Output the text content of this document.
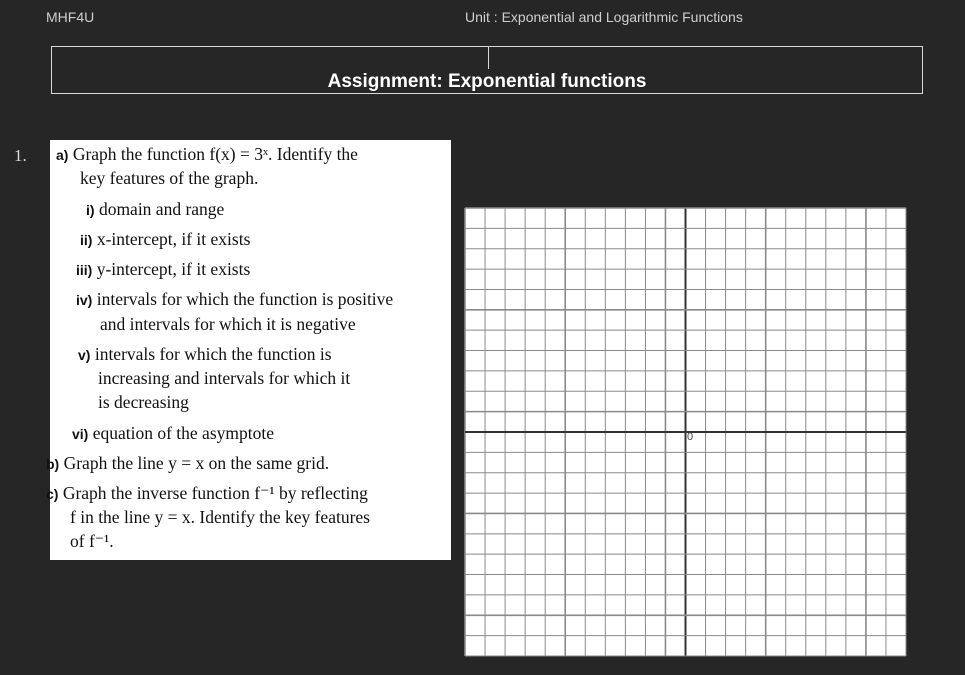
MHF4U	Unit : Exponential and Logarithmic Functions
Assignment: Exponential functions
1. a) Graph the function f(x) = 3ˣ. Identify the
key features of the graph.
i) domain and range
ii) x-intercept, if it exists
iii) y-intercept, if it exists
iv) intervals for which the function is positive
and intervals for which it is negative
v) intervals for which the function is
increasing and intervals for which it
is decreasing
vi) equation of the asymptote
b) Graph the line y = x on the same grid.
c) Graph the inverse function f⁻¹ by reflecting
f in the line y = x. Identify the key features
of f⁻¹.
0
